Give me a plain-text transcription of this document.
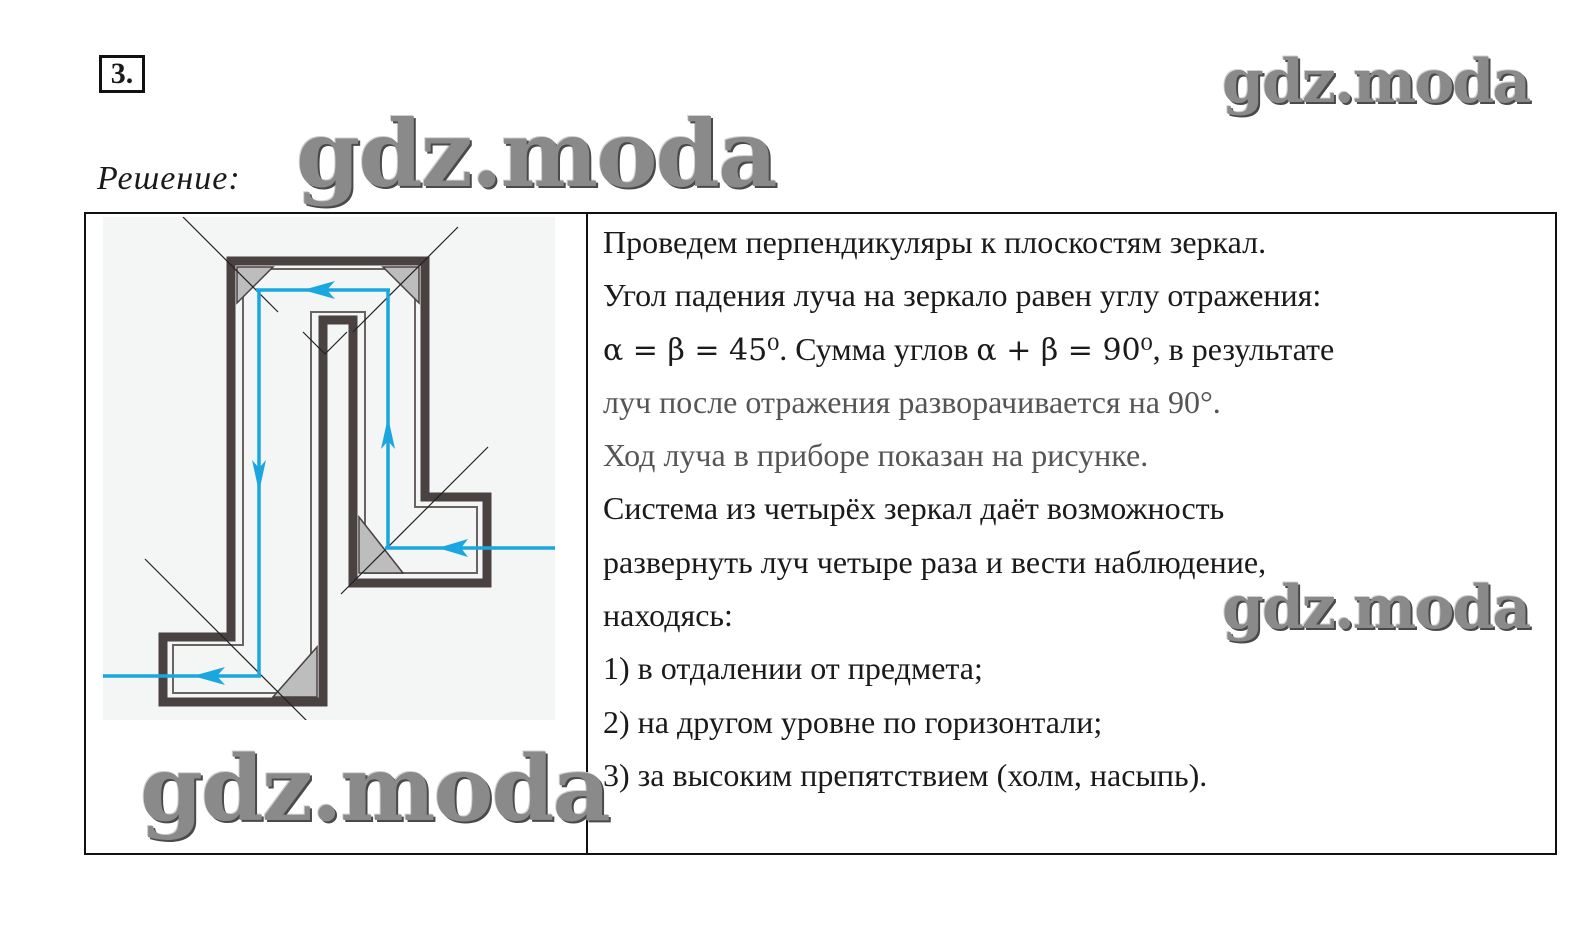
3.
Решение:
gdz.moda
gdz.moda
Проведем перпендикуляры к плоскостям зеркал.
Угол падения луча на зеркало равен углу отражения:
α = β = 45⁰. Сумма углов α + β = 90⁰, в результате
луч после отражения разворачивается на 90°.
Ход луча в приборе показан на рисунке.
Система из четырёх зеркал даёт возможность
развернуть луч четыре раза и вести наблюдение,
находясь:
1) в отдалении от предмета;
2) на другом уровне по горизонтали;
3) за высоким препятствием (холм, насыпь).
gdz.moda
gdz.moda
